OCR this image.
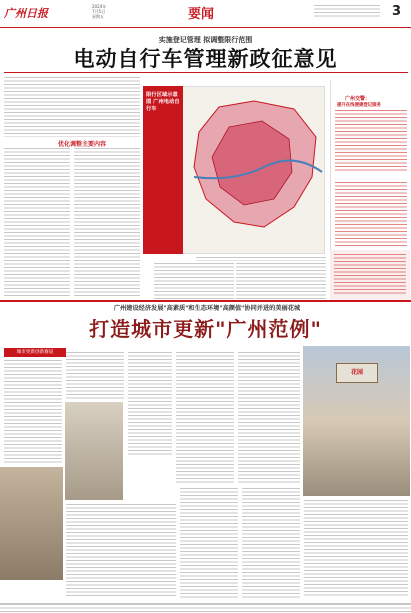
广州日报
2024年
7月5日
星期五	要闻	3
实施登记管理 拟调整限行范围
电动自行车管理新政征意见
优化调整主要内容
限行区域示意图 广州电动自行车
广州交警：
提升在线便捷登记服务
广州建设经济发展"高素质"和生态环境"高颜值"协同并进的美丽花城
打造城市更新"广州范例"
城市更新创新赛道
花园
